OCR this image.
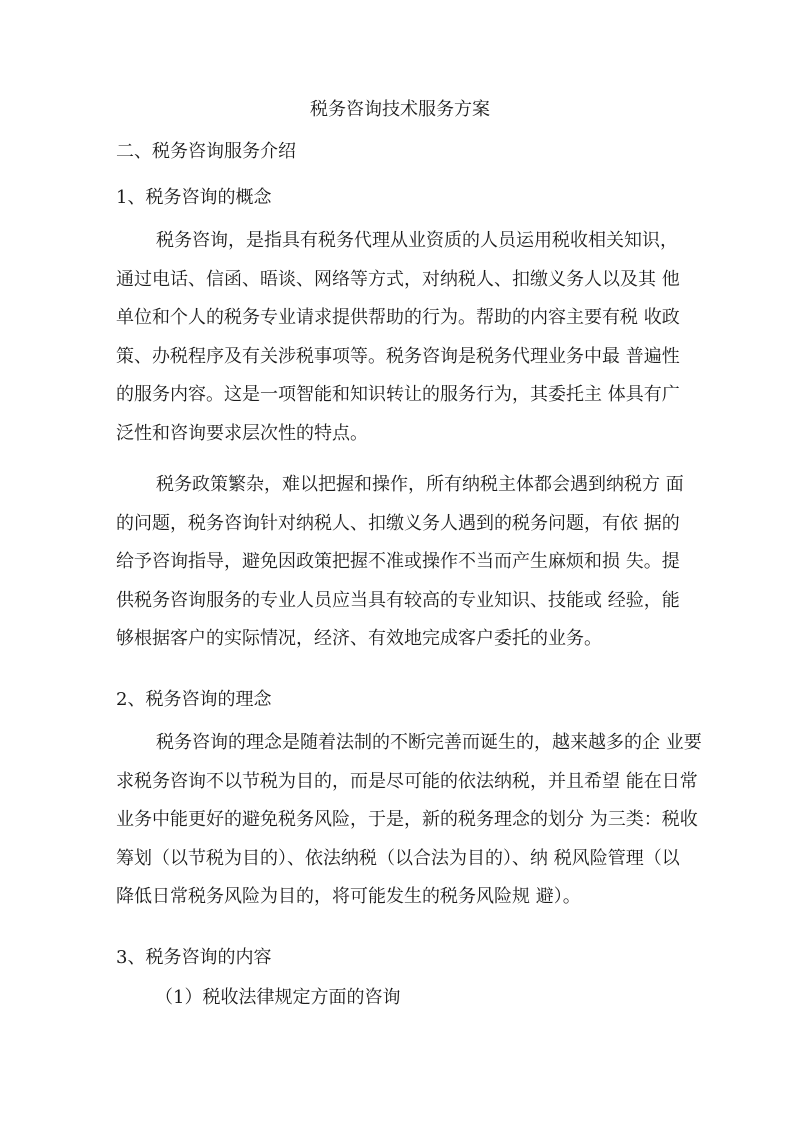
税务咨询技术服务方案
二、税务咨询服务介绍
1、税务咨询的概念
税务咨询，是指具有税务代理从业资质的人员运用税收相关知识，
通过电话、信函、晤谈、网络等方式，对纳税人、扣缴义务人以及其 他
单位和个人的税务专业请求提供帮助的行为。帮助的内容主要有税 收政
策、办税程序及有关涉税事项等。税务咨询是税务代理业务中最 普遍性
的服务内容。这是一项智能和知识转让的服务行为，其委托主 体具有广
泛性和咨询要求层次性的特点。
税务政策繁杂，难以把握和操作，所有纳税主体都会遇到纳税方 面
的问题，税务咨询针对纳税人、扣缴义务人遇到的税务问题，有依 据的
给予咨询指导，避免因政策把握不准或操作不当而产生麻烦和损 失。提
供税务咨询服务的专业人员应当具有较高的专业知识、技能或 经验，能
够根据客户的实际情况，经济、有效地完成客户委托的业务。
2、税务咨询的理念
税务咨询的理念是随着法制的不断完善而诞生的，越来越多的企 业要
求税务咨询不以节税为目的，而是尽可能的依法纳税，并且希望 能在日常
业务中能更好的避免税务风险，于是，新的税务理念的划分 为三类：税收
筹划（以节税为目的）、依法纳税（以合法为目的）、纳 税风险管理（以
降低日常税务风险为目的，将可能发生的税务风险规 避）。
3、税务咨询的内容
（1）税收法律规定方面的咨询
